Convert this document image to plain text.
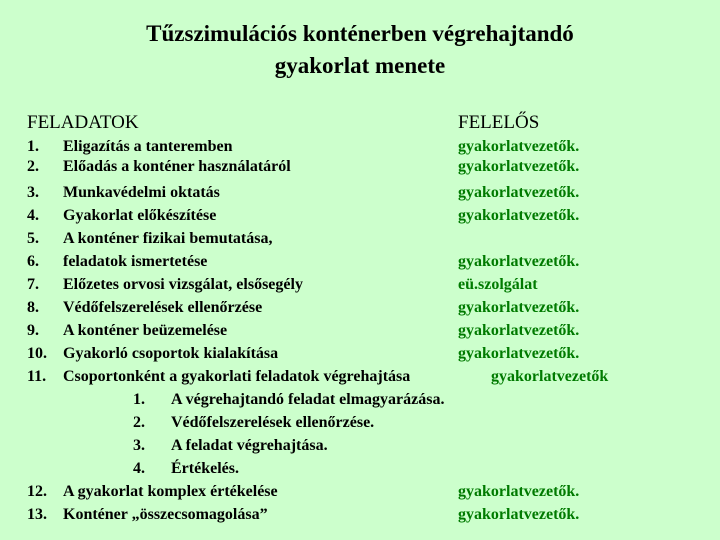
Tűzszimulációs konténerben végrehajtandó
gyakorlat menete
FELADATOK	FELELŐS
1. Eligazítás a tanteremben	gyakorlatvezetők.
2. Előadás a konténer használatáról	gyakorlatvezetők.
3. Munkavédelmi oktatás	gyakorlatvezetők.
4. Gyakorlat előkészítése	gyakorlatvezetők.
5. A konténer fizikai bemutatása,
6. feladatok ismertetése	gyakorlatvezetők.
7. Előzetes orvosi vizsgálat, elsősegély	eü.szolgálat
8. Védőfelszerelések ellenőrzése	gyakorlatvezetők.
9. A konténer beüzemelése	gyakorlatvezetők.
10. Gyakorló csoportok kialakítása	gyakorlatvezetők.
11. Csoportonként a gyakorlati feladatok végrehajtása	gyakorlatvezetők
1. A végrehajtandó feladat elmagyarázása.
2. Védőfelszerelések ellenőrzése.
3. A feladat végrehajtása.
4. Értékelés.
12. A gyakorlat komplex értékelése	gyakorlatvezetők.
13. Konténer „összecsomagolása”	gyakorlatvezetők.
